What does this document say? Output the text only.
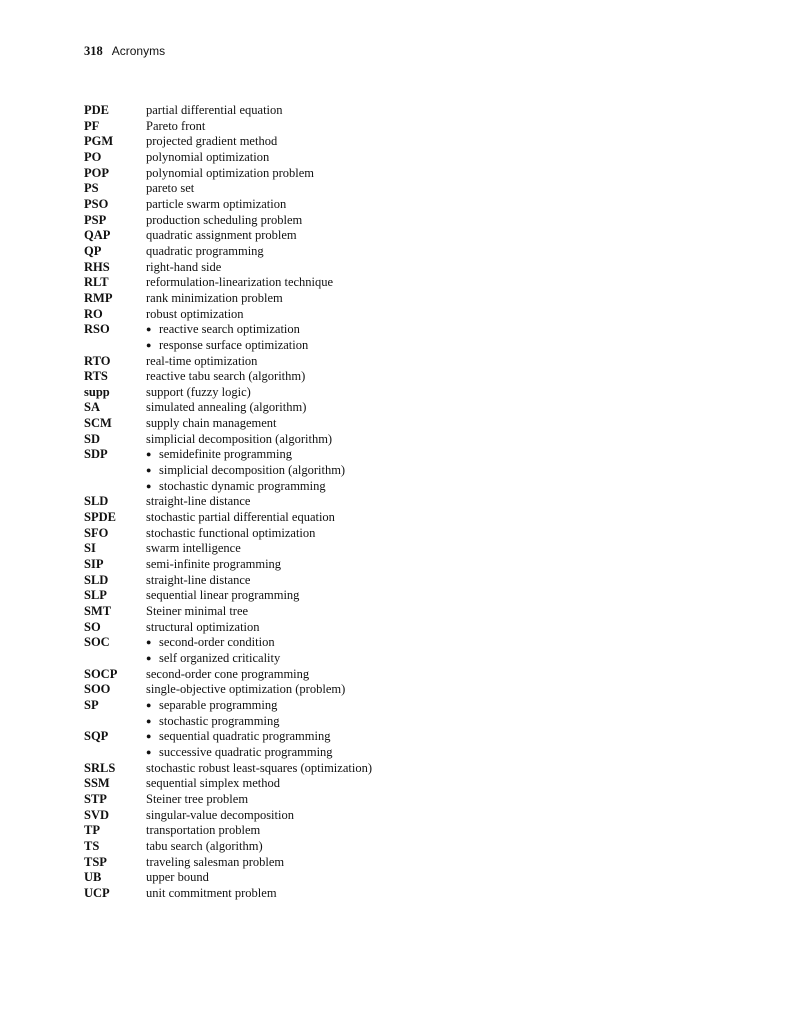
318 Acronyms
PDE	partial differential equation
PF	Pareto front
PGM	projected gradient method
PO	polynomial optimization
POP	polynomial optimization problem
PS	pareto set
PSO	particle swarm optimization
PSP	production scheduling problem
QAP	quadratic assignment problem
QP	quadratic programming
RHS	right-hand side
RLT	reformulation-linearization technique
RMP	rank minimization problem
RO	robust optimization
RSO	● reactive search optimization
● response surface optimization
RTO	real-time optimization
RTS	reactive tabu search (algorithm)
supp	support (fuzzy logic)
SA	simulated annealing (algorithm)
SCM	supply chain management
SD	simplicial decomposition (algorithm)
SDP	● semidefinite programming
● simplicial decomposition (algorithm)
● stochastic dynamic programming
SLD	straight-line distance
SPDE stochastic partial differential equation
SFO	stochastic functional optimization
SI	swarm intelligence
SIP	semi-infinite programming
SLD	straight-line distance
SLP	sequential linear programming
SMT	Steiner minimal tree
SO	structural optimization
SOC	● second-order condition
● self organized criticality
SOCP second-order cone programming
SOO	single-objective optimization (problem)
SP	● separable programming
● stochastic programming
SQP	● sequential quadratic programming
● successive quadratic programming
SRLS stochastic robust least-squares (optimization)
SSM	sequential simplex method
STP	Steiner tree problem
SVD	singular-value decomposition
TP	transportation problem
TS	tabu search (algorithm)
TSP	traveling salesman problem
UB	upper bound
UCP	unit commitment problem
